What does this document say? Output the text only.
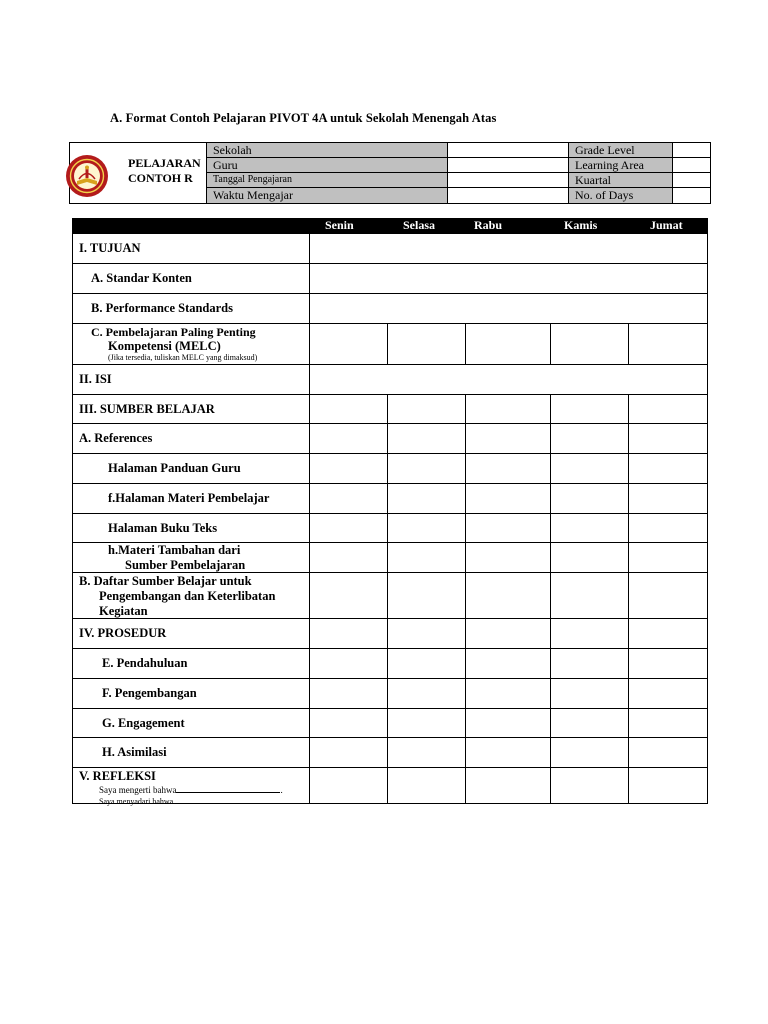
A. Format Contoh Pelajaran PIVOT 4A untuk Sekolah Menengah Atas
PELAJARAN CONTOH R
Sekolah	Grade Level
Guru	Learning Area
Tanggal Pengajaran	Kuartal
Waktu Mengajar	No. of Days
Senin	Selasa	Rabu	Kamis	Jumat
I. TUJUAN
A. Standar Konten
B. Performance Standards
C. Pembelajaran Paling Penting
Kompetensi (MELC)
(Jika tersedia, tuliskan MELC yang dimaksud)
II. ISI
III. SUMBER BELAJAR
A. References
Halaman Panduan Guru
f.Halaman Materi Pembelajar
Halaman Buku Teks
h.Materi Tambahan dari
Sumber Pembelajaran
B. Daftar Sumber Belajar untuk
Pengembangan dan Keterlibatan
Kegiatan
IV. PROSEDUR
E. Pendahuluan
F. Pengembangan
G. Engagement
H. Asimilasi
V. REFLEKSI
Saya mengerti bahwa	.
Saya menyadari bahwa	.
